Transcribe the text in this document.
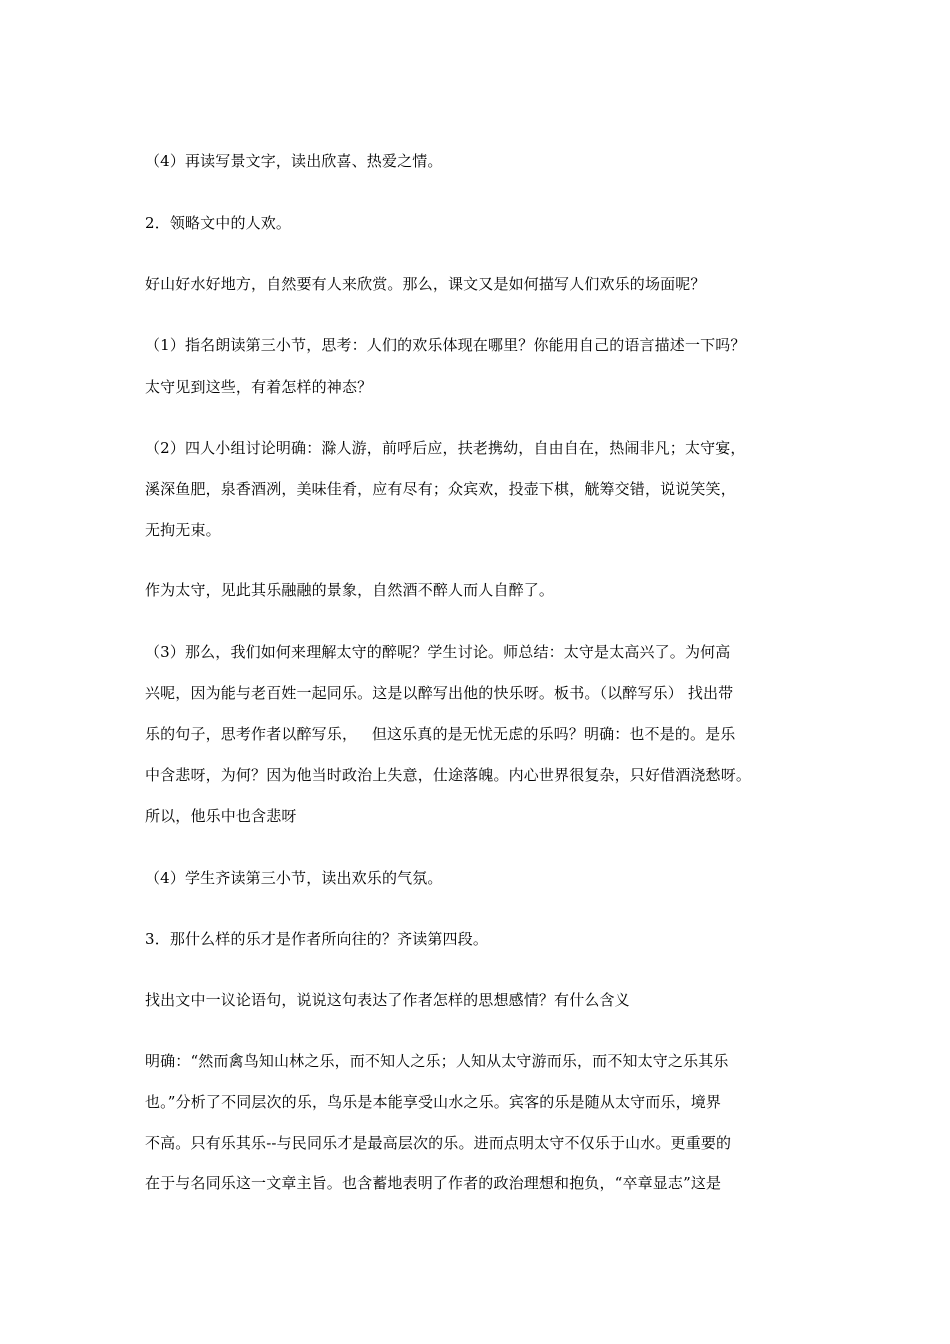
（4）再读写景文字，读出欣喜、热爱之情。
2．领略文中的人欢。
好山好水好地方，自然要有人来欣赏。那么，课文又是如何描写人们欢乐的场面呢？
（1）指名朗读第三小节，思考：人们的欢乐体现在哪里？你能用自己的语言描述一下吗？
太守见到这些，有着怎样的神态？
（2）四人小组讨论明确：滁人游，前呼后应，扶老携幼，自由自在，热闹非凡；太守宴，
溪深鱼肥，泉香酒冽，美味佳肴，应有尽有；众宾欢，投壶下棋，觥筹交错，说说笑笑，
无拘无束。
作为太守，见此其乐融融的景象，自然酒不醉人而人自醉了。
（3）那么，我们如何来理解太守的醉呢？学生讨论。师总结：太守是太高兴了。为何高
兴呢，因为能与老百姓一起同乐。这是以醉写出他的快乐呀。板书。（以醉写乐） 找出带
乐的句子，思考作者以醉写乐，   但这乐真的是无忧无虑的乐吗？明确：也不是的。是乐
中含悲呀，为何？因为他当时政治上失意，仕途落魄。内心世界很复杂，只好借酒浇愁呀。
所以，他乐中也含悲呀
（4）学生齐读第三小节，读出欢乐的气氛。
3．那什么样的乐才是作者所向往的？齐读第四段。
找出文中一议论语句，说说这句表达了作者怎样的思想感情？有什么含义
明确：“然而禽鸟知山林之乐，而不知人之乐；人知从太守游而乐，而不知太守之乐其乐
也。”分析了不同层次的乐，鸟乐是本能享受山水之乐。宾客的乐是随从太守而乐，境界
不高。只有乐其乐--与民同乐才是最高层次的乐。进而点明太守不仅乐于山水。更重要的
在于与名同乐这一文章主旨。也含蓄地表明了作者的政治理想和抱负，“卒章显志”这是
